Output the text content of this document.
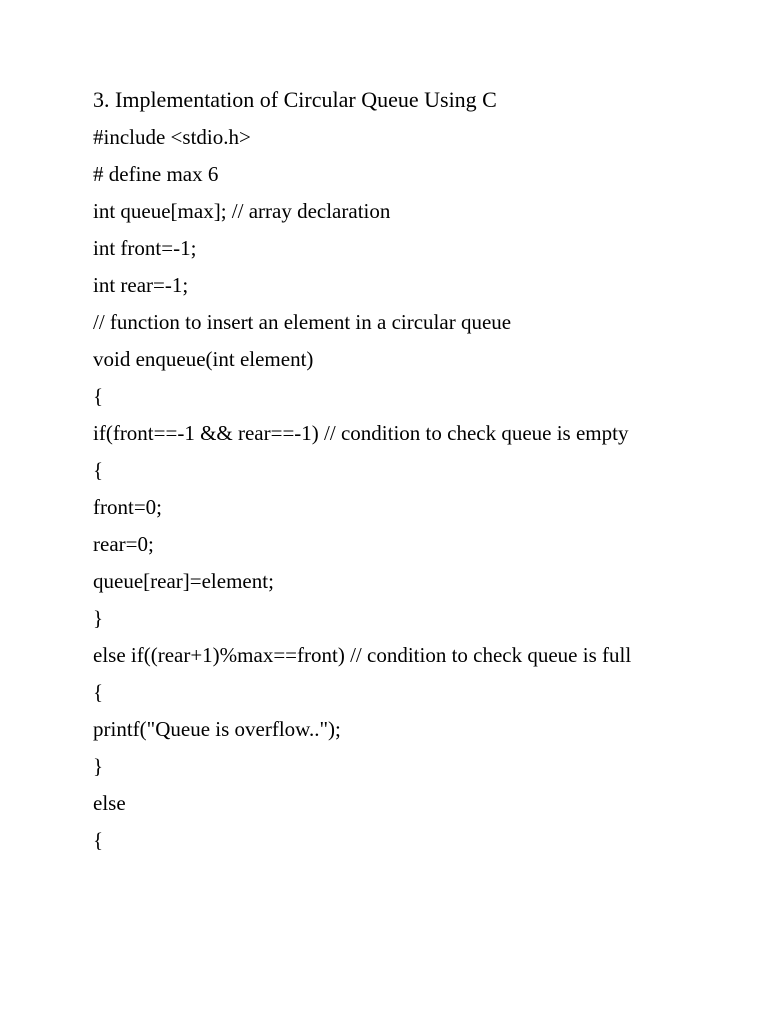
3. Implementation of Circular Queue Using C

#include <stdio.h>

# define max 6

int queue[max]; // array declaration

int front=-1;

int rear=-1;

// function to insert an element in a circular queue

void enqueue(int element)

{

if(front==-1 && rear==-1) // condition to check queue is empty

{

front=0;

rear=0;

queue[rear]=element;

}

else if((rear+1)%max==front) // condition to check queue is full

{

printf("Queue is overflow..");

}

else

{
